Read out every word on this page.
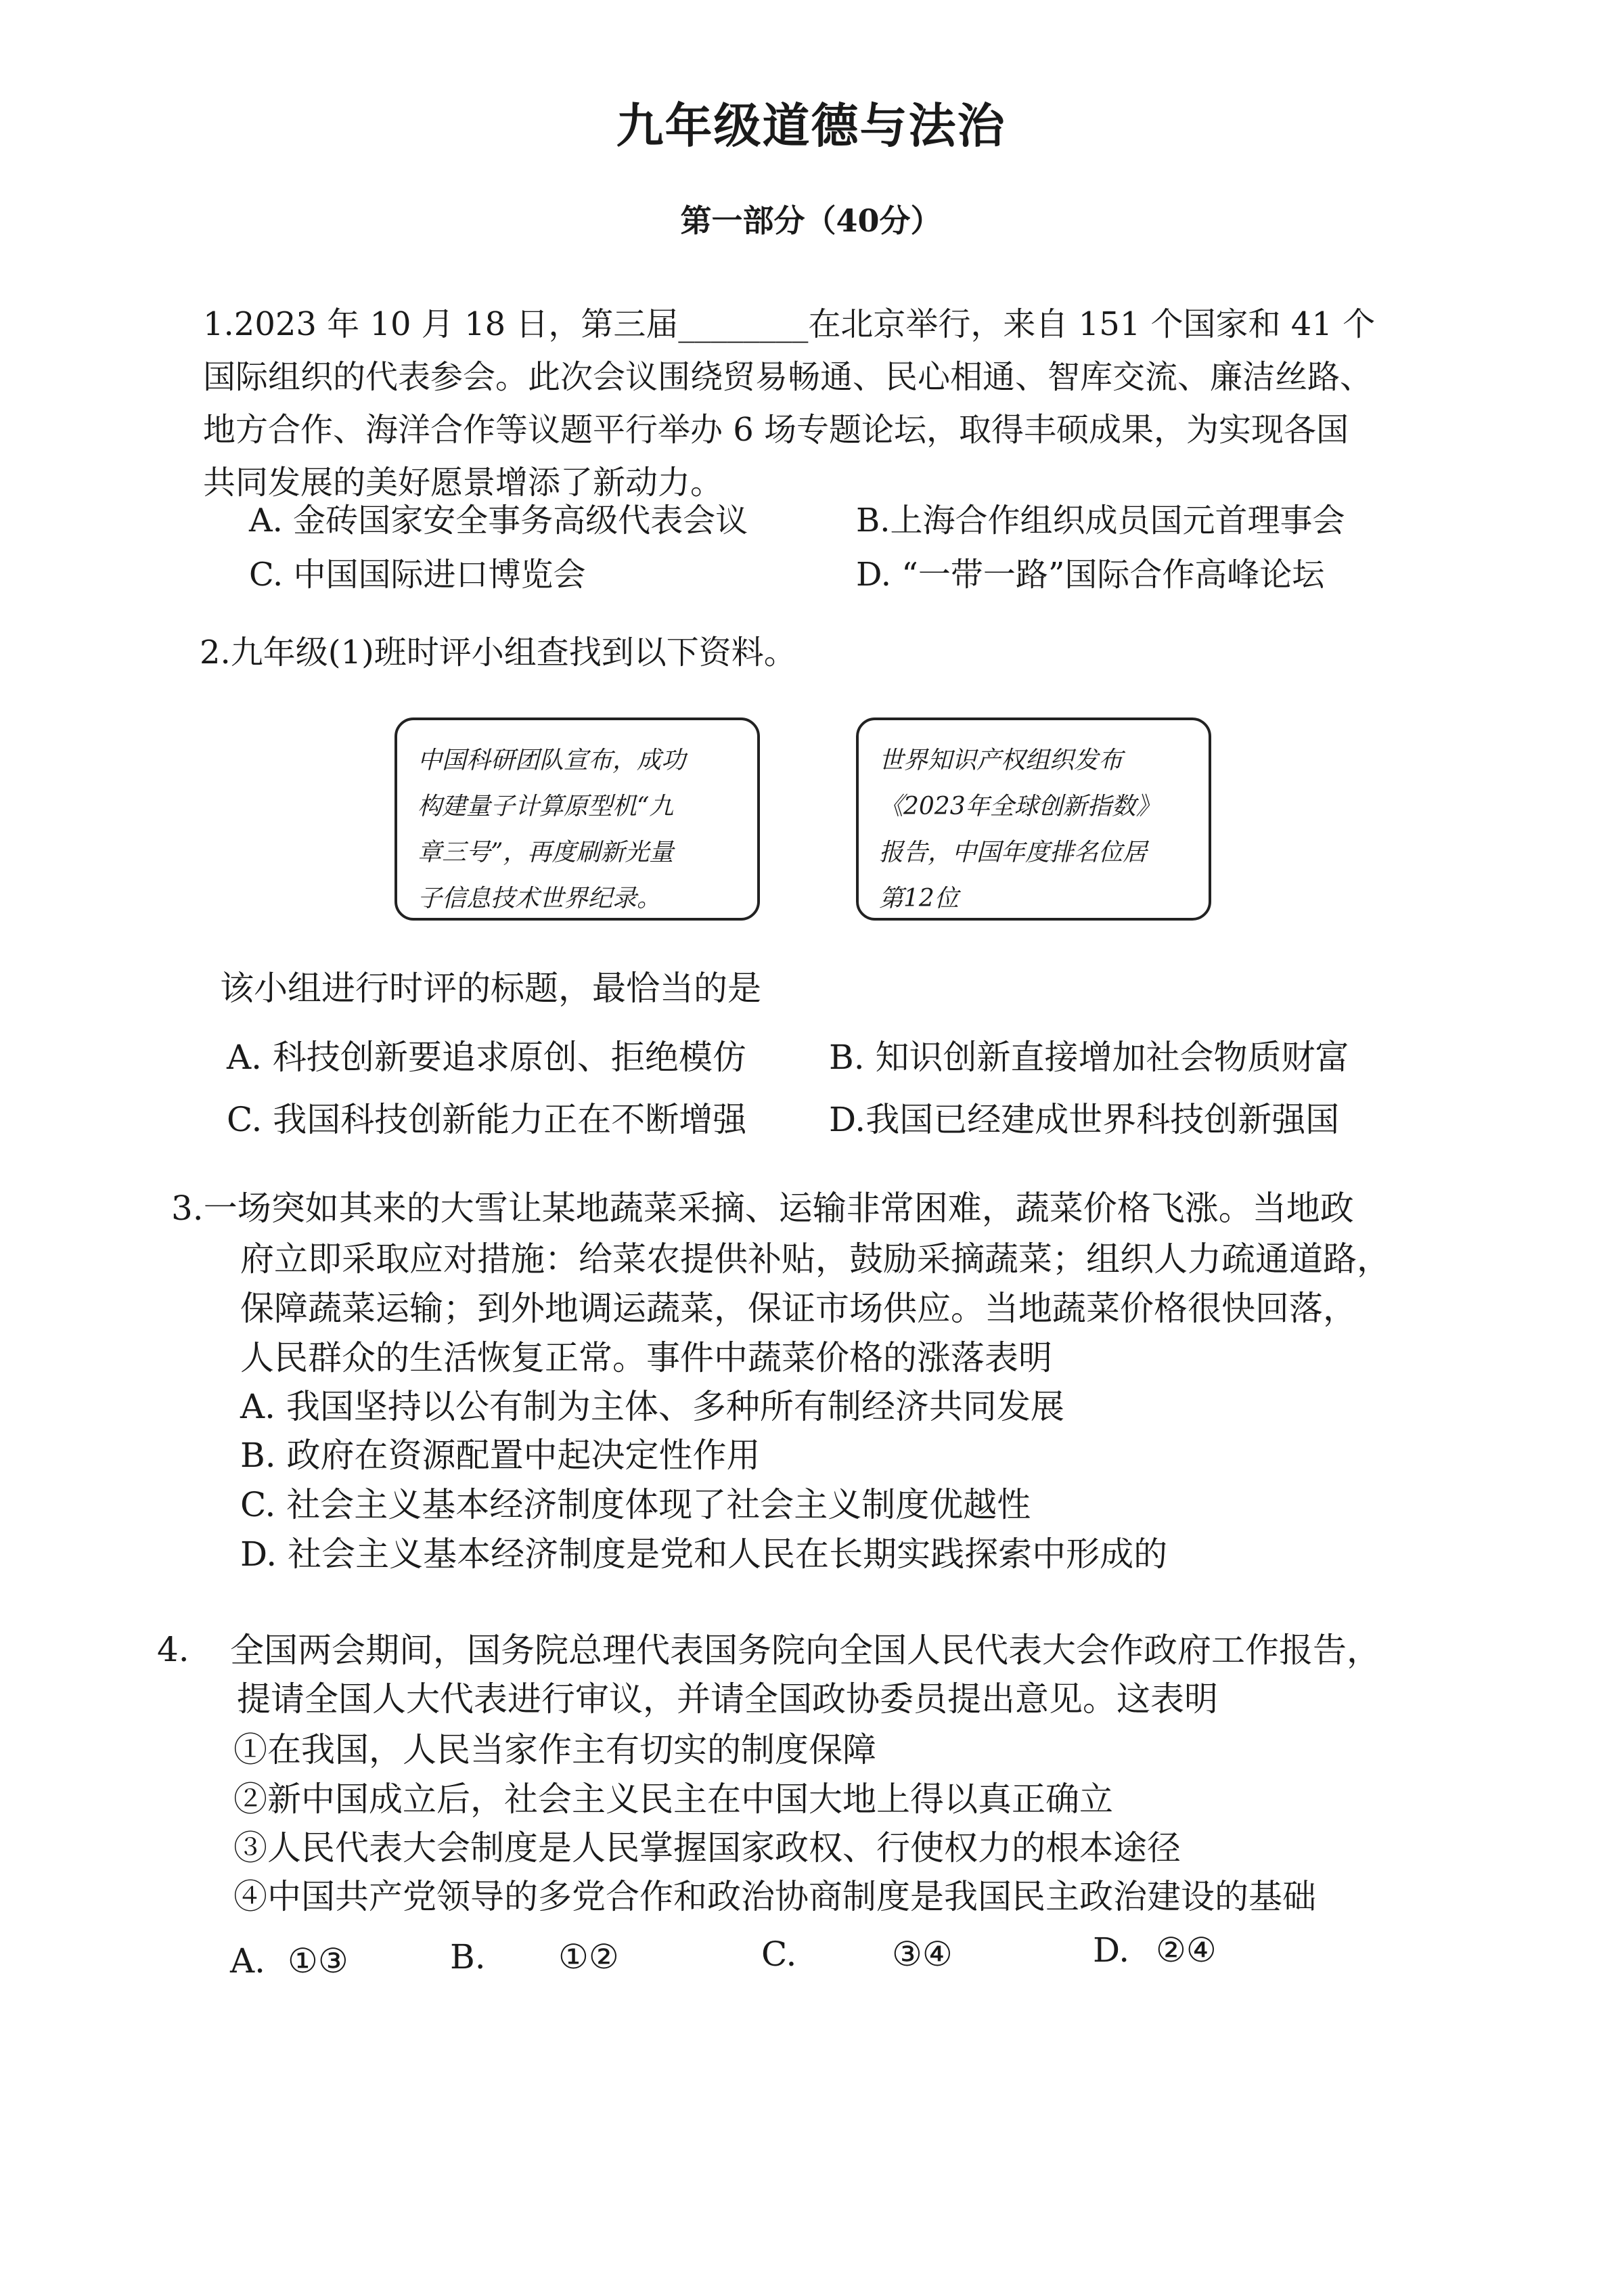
九年级道德与法治
第一部分（40分）
1.2023 年 10 月 18 日，第三届________在北京举行，来自 151 个国家和 41 个
国际组织的代表参会。此次会议围绕贸易畅通、民心相通、智库交流、廉洁丝路、
地方合作、海洋合作等议题平行举办 6 场专题论坛，取得丰硕成果，为实现各国
共同发展的美好愿景增添了新动力。
A. 金砖国家安全事务高级代表会议	B.上海合作组织成员国元首理事会
C. 中国国际进口博览会	D. “一带一路”国际合作高峰论坛
2.九年级(1)班时评小组查找到以下资料。
中国科研团队宣布，成功
构建量子计算原型机“九
章三号”，再度刷新光量
子信息技术世界纪录。
世界知识产权组织发布
《2023年全球创新指数》
报告，中国年度排名位居
第12位
该小组进行时评的标题，最恰当的是
A. 科技创新要追求原创、拒绝模仿 B. 知识创新直接增加社会物质财富
C. 我国科技创新能力正在不断增强 D.我国已经建成世界科技创新强国
3.一场突如其来的大雪让某地蔬菜采摘、运输非常困难，蔬菜价格飞涨。当地政
府立即采取应对措施：给菜农提供补贴，鼓励采摘蔬菜；组织人力疏通道路，
保障蔬菜运输；到外地调运蔬菜，保证市场供应。当地蔬菜价格很快回落，
人民群众的生活恢复正常。事件中蔬菜价格的涨落表明
A. 我国坚持以公有制为主体、多种所有制经济共同发展
B. 政府在资源配置中起决定性作用
C. 社会主义基本经济制度体现了社会主义制度优越性
D. 社会主义基本经济制度是党和人民在长期实践探索中形成的
4. 全国两会期间，国务院总理代表国务院向全国人民代表大会作政府工作报告，
提请全国人大代表进行审议，并请全国政协委员提出意见。这表明
①在我国，人民当家作主有切实的制度保障
②新中国成立后，社会主义民主在中国大地上得以真正确立
③人民代表大会制度是人民掌握国家政权、行使权力的根本途径
④中国共产党领导的多党合作和政治协商制度是我国民主政治建设的基础
A. ①③	B. ①②	C.	③④	D. ②④
